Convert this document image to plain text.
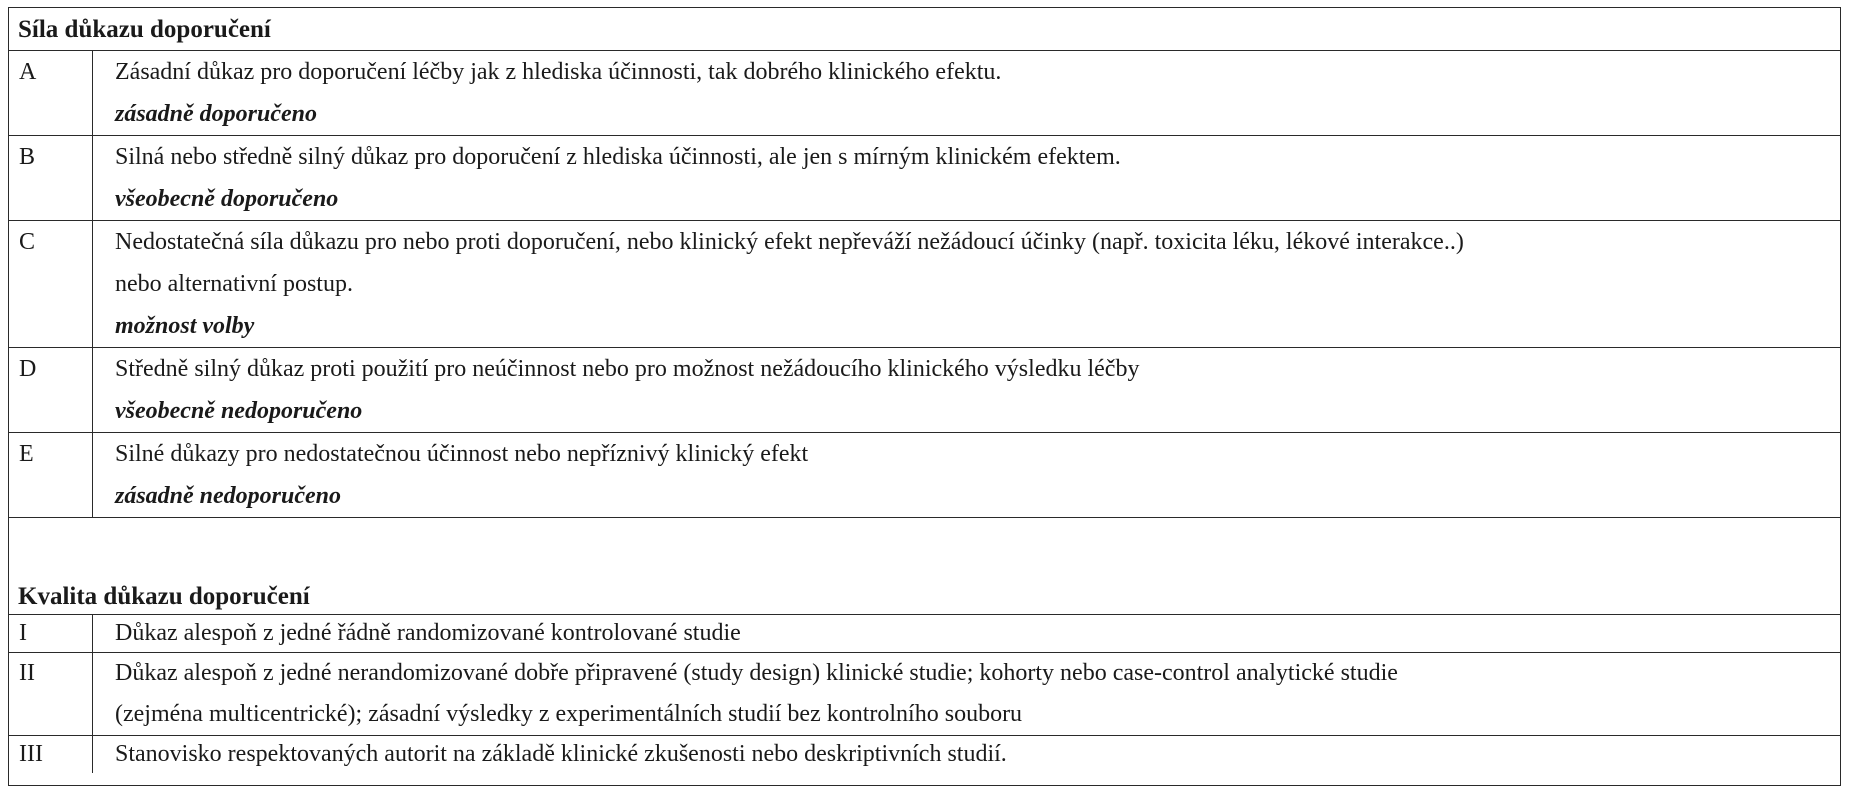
Síla důkazu doporučení
A	Zásadní důkaz pro doporučení léčby jak z hlediska účinnosti, tak dobrého klinického efektu.
zásadně doporučeno
B	Silná nebo středně silný důkaz pro doporučení z hlediska účinnosti, ale jen s mírným klinickém efektem.
všeobecně doporučeno
C	Nedostatečná síla důkazu pro nebo proti doporučení, nebo klinický efekt nepřeváží nežádoucí účinky (např. toxicita léku, lékové interakce..)
nebo alternativní postup.
možnost volby
D	Středně silný důkaz proti použití pro neúčinnost nebo pro možnost nežádoucího klinického výsledku léčby
všeobecně nedoporučeno
E	Silné důkazy pro nedostatečnou účinnost nebo nepříznivý klinický efekt
zásadně nedoporučeno
Kvalita důkazu doporučení
I	Důkaz alespoň z jedné řádně randomizované kontrolované studie
II	Důkaz alespoň z jedné nerandomizované dobře připravené (study design) klinické studie; kohorty nebo case-control analytické studie
(zejména multicentrické); zásadní výsledky z experimentálních studií bez kontrolního souboru
III	Stanovisko respektovaných autorit na základě klinické zkušenosti nebo deskriptivních studií.
